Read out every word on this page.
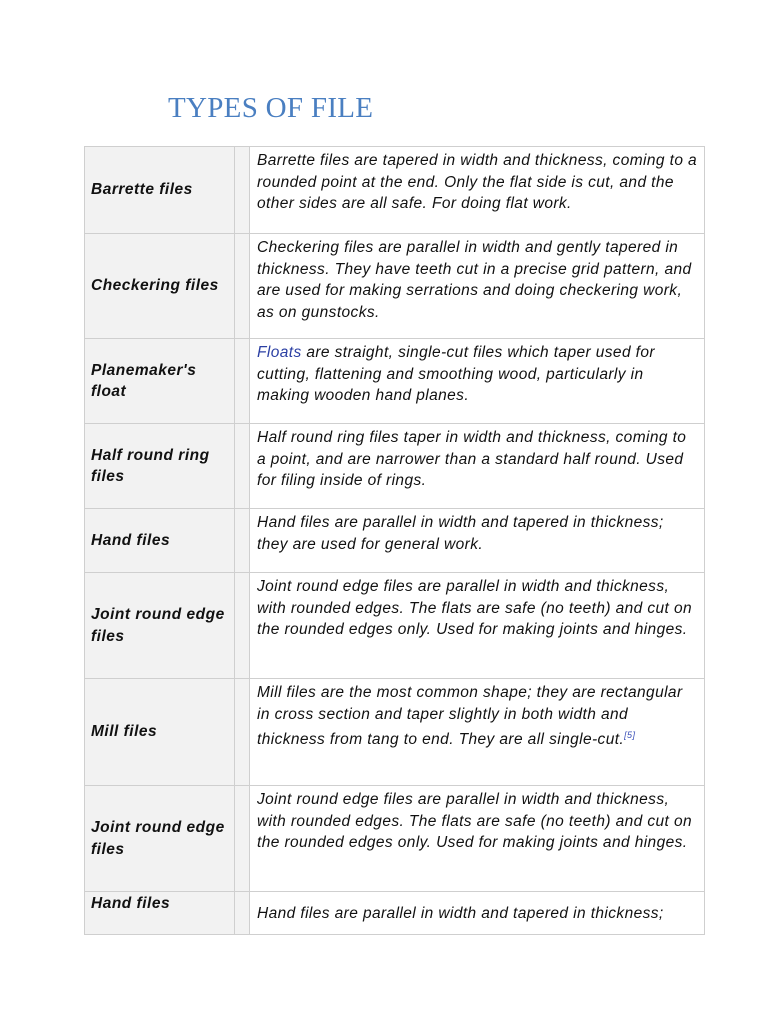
TYPES OF FILE
Barrette files
Barrette files are tapered in width and thickness, coming to a rounded point at the end. Only the flat side is cut, and the other sides are all safe. For doing flat work.
Checkering files
Checkering files are parallel in width and gently tapered in thickness. They have teeth cut in a precise grid pattern, and are used for making serrations and doing checkering work, as on gunstocks.
Planemaker's float
Floats are straight, single-cut files which taper used for cutting, flattening and smoothing wood, particularly in making wooden hand planes.
Half round ring files
Half round ring files taper in width and thickness, coming to a point, and are narrower than a standard half round. Used for filing inside of rings.
Hand files
Hand files are parallel in width and tapered in thickness; they are used for general work.
Joint round edge files
Joint round edge files are parallel in width and thickness, with rounded edges. The flats are safe (no teeth) and cut on the rounded edges only. Used for making joints and hinges.
Mill files
Mill files are the most common shape; they are rectangular in cross section and taper slightly in both width and thickness from tang to end. They are all single-cut.[5]
Joint round edge files
Joint round edge files are parallel in width and thickness, with rounded edges. The flats are safe (no teeth) and cut on the rounded edges only. Used for making joints and hinges.
Hand files
Hand files are parallel in width and tapered in thickness;
